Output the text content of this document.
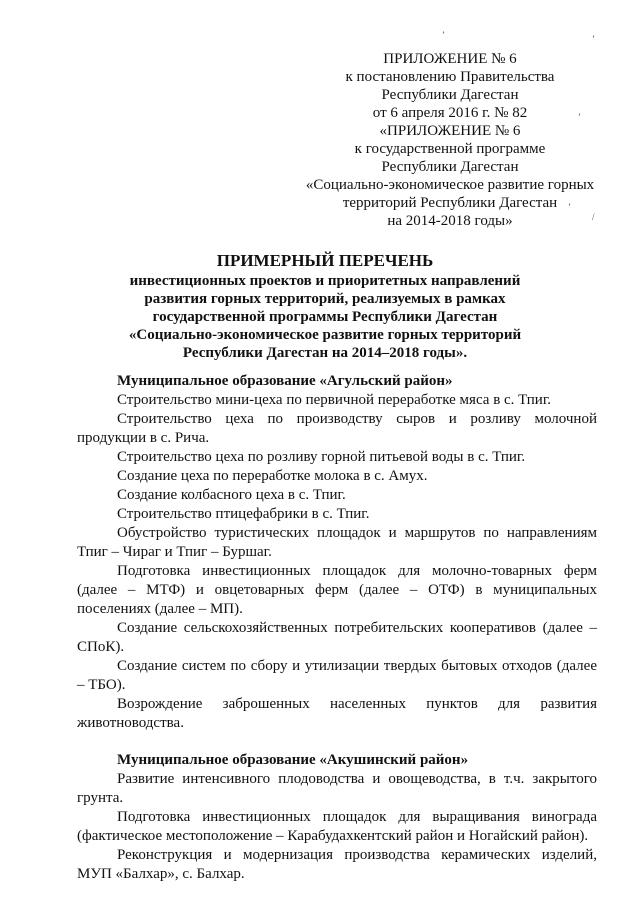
ʼ	ʼ
ʼ
ʼ
/
ПРИЛОЖЕНИЕ № 6
к постановлению Правительства
Республики Дагестан
от 6 апреля 2016 г. № 82
«ПРИЛОЖЕНИЕ № 6
к государственной программе
Республики Дагестан
«Социально-экономическое развитие горных
территорий Республики Дагестан
на 2014-2018 годы»
ПРИМЕРНЫЙ ПЕРЕЧЕНЬ
инвестиционных проектов и приоритетных направлений
развития горных территорий, реализуемых в рамках
государственной программы Республики Дагестан
«Социально-экономическое развитие горных территорий
Республики Дагестан на 2014–2018 годы».
Муниципальное образование «Агульский район»

Строительство мини-цеха по первичной переработке мяса в с. Тпиг.

Строительство цеха по производству сыров и розливу молочной продукции в с. Рича.

Строительство цеха по розливу горной питьевой воды в с. Тпиг.

Создание цеха по переработке молока в с. Амух.

Создание колбасного цеха в с. Тпиг.

Строительство птицефабрики в с. Тпиг.

Обустройство туристических площадок и маршрутов по направлениям Тпиг – Чираг и Тпиг – Буршаг.

Подготовка инвестиционных площадок для молочно-товарных ферм (далее – МТФ) и овцетоварных ферм (далее – ОТФ) в муниципальных поселениях (далее – МП).

Создание сельскохозяйственных потребительских кооперативов (далее – СПоК).

Создание систем по сбору и утилизации твердых бытовых отходов (далее – ТБО).

Возрождение заброшенных населенных пунктов для развития животноводства.

Муниципальное образование «Акушинский район»

Развитие интенсивного плодоводства и овощеводства, в т.ч. закрытого грунта.

Подготовка инвестиционных площадок для выращивания винограда (фактическое местоположение – Карабудахкентский район и Ногайский район).

Реконструкция и модернизация производства керамических изделий, МУП «Балхар», с. Балхар.
